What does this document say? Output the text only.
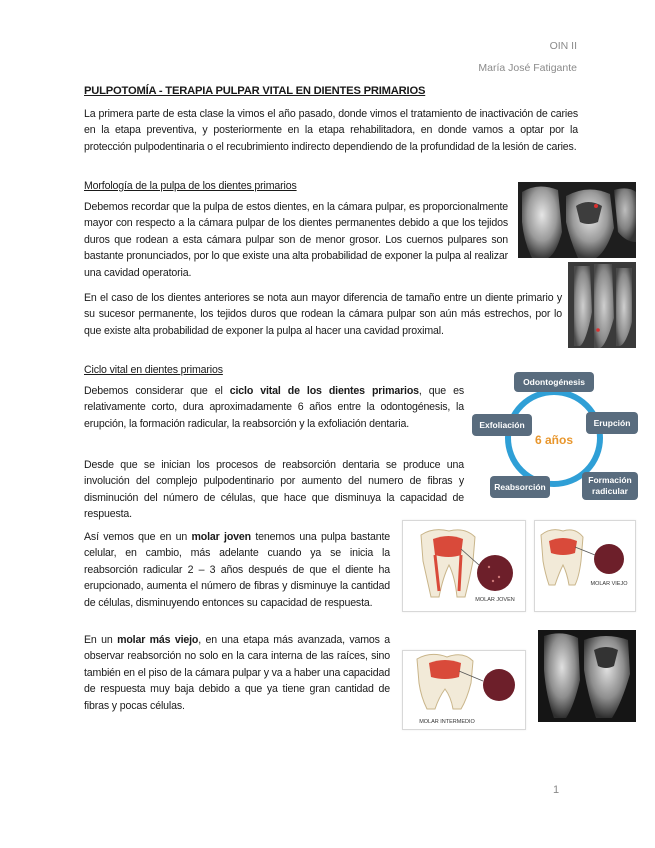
OIN II
María José Fatigante
PULPOTOMÍA - TERAPIA PULPAR VITAL EN DIENTES PRIMARIOS
La primera parte de esta clase la vimos el año pasado, donde vimos el tratamiento de inactivación de caries en la etapa preventiva, y posteriormente en la etapa rehabilitadora, en donde vamos a optar por la protección pulpodentinaria o el recubrimiento indirecto dependiendo de la profundidad de la lesión de caries.
Morfología de la pulpa de los dientes primarios
Debemos recordar que la pulpa de estos dientes, en la cámara pulpar, es proporcionalmente mayor con respecto a la cámara pulpar de los dientes permanentes debido a que los tejidos duros que rodean a esta cámara pulpar son de menor grosor. Los cuernos pulpares son bastante pronunciados, por lo que existe una alta probabilidad de exponer la pulpa al realizar una cavidad operatoria.
En el caso de los dientes anteriores se nota aun mayor diferencia de tamaño entre un diente primario y su sucesor permanente, los tejidos duros que rodean la cámara pulpar son aún más estrechos, por lo que existe alta probabilidad de exponer la pulpa al hacer una cavidad proximal.
Ciclo vital en dientes primarios
Debemos considerar que el ciclo vital de los dientes primarios, que es relativamente corto, dura aproximadamente 6 años entre la odontogénesis, la erupción, la formación radicular, la reabsorción y la exfoliación dentaria.
Desde que se inician los procesos de reabsorción dentaria se produce una involución del complejo pulpodentinario por aumento del numero de fibras y disminución del número de células, que hace que disminuya la capacidad de respuesta.
Así vemos que en un molar joven tenemos una pulpa bastante celular, en cambio, más adelante cuando ya se inicia la reabsorción radicular 2 – 3 años después de que el diente ha erupcionado, aumenta el número de fibras y disminuye la cantidad de células, disminuyendo entonces su capacidad de respuesta.
En un molar más viejo, en una etapa más avanzada, vamos a observar reabsorción no solo en la cara interna de las raíces, sino también en el piso de la cámara pulpar y va a haber una capacidad de respuesta muy baja debido a que ya tiene gran cantidad de fibras y pocas células.
Odontogénesis
Erupción
Formación
radicular
Reabsorción
Exfoliación
6 años
MOLAR JOVEN
MOLAR VIEJO
MOLAR INTERMEDIO
1
